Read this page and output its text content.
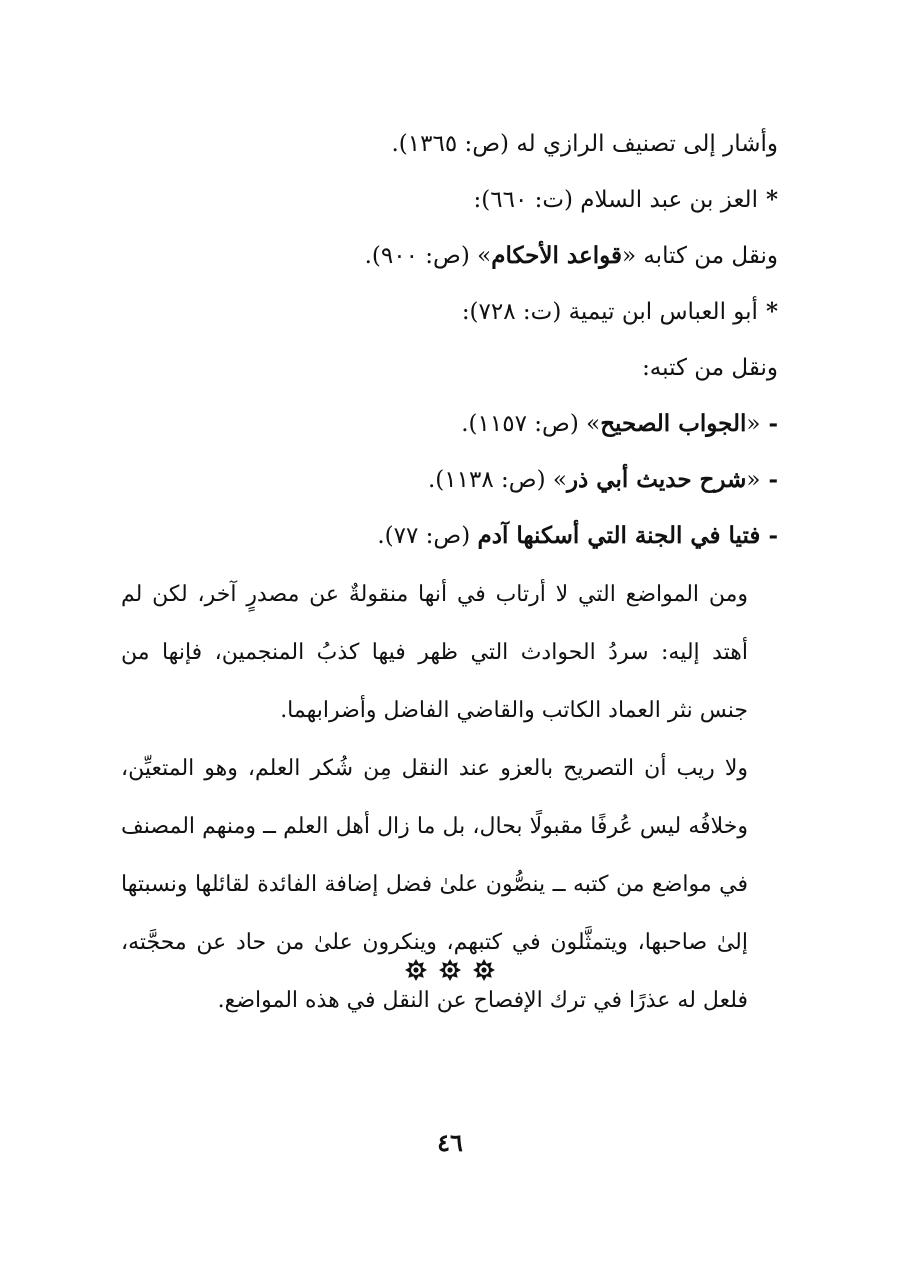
وأشار إلى تصنيف الرازي له (ص: ١٣٦٥).
* العز بن عبد السلام (ت: ٦٦٠):
ونقل من كتابه «قواعد الأحكام» (ص: ٩٠٠).
* أبو العباس ابن تيمية (ت: ٧٢٨):
ونقل من كتبه:
- «الجواب الصحيح» (ص: ١١٥٧).
- «شرح حديث أبي ذر» (ص: ١١٣٨).
- فتيا في الجنة التي أسكنها آدم (ص: ٧٧).

ومن المواضع التي لا أرتاب في أنها منقولةٌ عن مصدرٍ آخر، لكن لم أهتد إليه: سردُ الحوادث التي ظهر فيها كذبُ المنجمين، فإنها من جنس نثر العماد الكاتب والقاضي الفاضل وأضرابهما.

ولا ريب أن التصريح بالعزو عند النقل مِن شُكر العلم، وهو المتعيِّن، وخلافُه ليس عُرفًا مقبولًا بحال، بل ما زال أهل العلم ــ ومنهم المصنف في مواضع من كتبه ــ ينصُّون علىٰ فضل إضافة الفائدة لقائلها ونسبتها إلىٰ صاحبها، ويتمثَّلون في كتبهم، وينكرون علىٰ من حاد عن محجَّته، فلعل له عذرًا في ترك الإفصاح عن النقل في هذه المواضع.

٤٦
